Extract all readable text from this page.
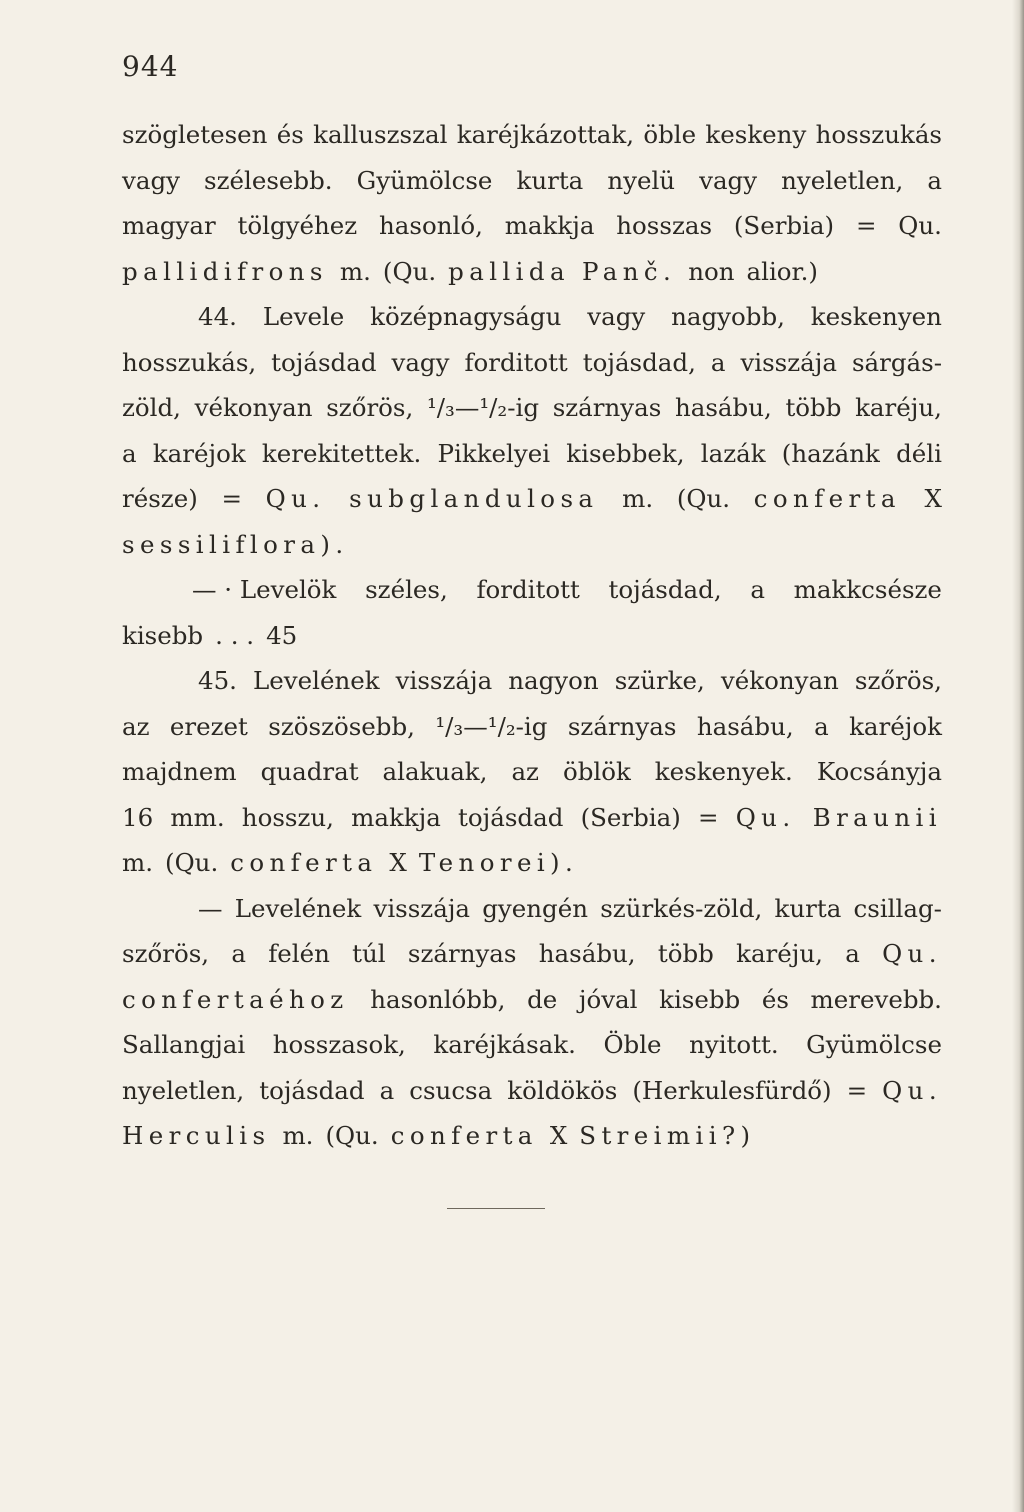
944
szögletesen és kalluszszal karéjkázottak, öble keskeny hosszukás
vagy szélesebb. Gyümölcse kurta nyelü vagy nyeletlen, a
magyar tölgyéhez hasonló, makkja hosszas (Serbia) = Qu.
pallidifrons m. (Qu. pallida Panč. non alior.)
44. Levele középnagyságu vagy nagyobb, keskenyen
hosszukás, tojásdad vagy forditott tojásdad, a visszája sárgás-
zöld, vékonyan szőrös, ¹/₃—¹/₂-ig szárnyas hasábu, több karéju,
a karéjok kerekitettek. Pikkelyei kisebbek, lazák (hazánk déli
része) = Qu. subglandulosa m. (Qu. conferta X
sessiliflora).
— · Levelök széles, forditott tojásdad, a makkcsésze
kisebb . . . 45
45. Levelének visszája nagyon szürke, vékonyan szőrös,
az erezet szöszösebb, ¹/₃—¹/₂-ig szárnyas hasábu, a karéjok
majdnem quadrat alakuak, az öblök keskenyek. Kocsányja
16 mm. hosszu, makkja tojásdad (Serbia) = Qu. Braunii
m. (Qu. conferta X Tenorei).
— Levelének visszája gyengén szürkés-zöld, kurta csillag-
szőrös, a felén túl szárnyas hasábu, több karéju, a Qu.
confertaéhoz hasonlóbb, de jóval kisebb és merevebb.
Sallangjai hosszasok, karéjkásak. Öble nyitott. Gyümölcse
nyeletlen, tojásdad a csucsa köldökös (Herkulesfürdő) = Qu.
Herculis m. (Qu. conferta X Streimii?)
